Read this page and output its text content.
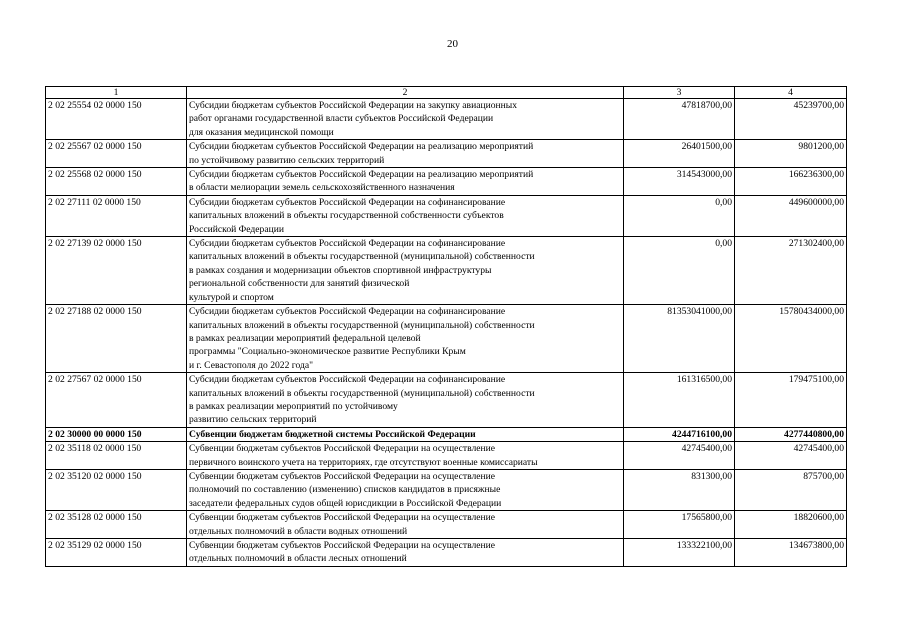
20
1	2	3	4
2 02 25554 02 0000 150	Субсидии бюджетам субъектов Российской Федерации на закупку авиационных
работ органами государственной власти субъектов Российской Федерации
для оказания медицинской помощи	47818700,00	45239700,00
2 02 25567 02 0000 150	Субсидии бюджетам субъектов Российской Федерации на реализацию мероприятий
по устойчивому развитию сельских территорий	26401500,00	9801200,00
2 02 25568 02 0000 150	Субсидии бюджетам субъектов Российской Федерации на реализацию мероприятий
в области мелиорации земель сельскохозяйственного назначения	314543000,00	166236300,00
2 02 27111 02 0000 150	Субсидии бюджетам субъектов Российской Федерации на софинансирование
капитальных вложений в объекты государственной собственности субъектов
Российской Федерации	0,00	449600000,00
2 02 27139 02 0000 150	Субсидии бюджетам субъектов Российской Федерации на софинансирование
капитальных вложений в объекты государственной (муниципальной) собственности
в рамках создания и модернизации объектов спортивной инфраструктуры
региональной собственности для занятий физической
культурой и спортом	0,00	271302400,00
2 02 27188 02 0000 150	Субсидии бюджетам субъектов Российской Федерации на софинансирование
капитальных вложений в объекты государственной (муниципальной) собственности
в рамках реализации мероприятий федеральной целевой
программы "Социально-экономическое развитие Республики Крым
и г. Севастополя до 2022 года"	81353041000,00	15780434000,00
2 02 27567 02 0000 150	Субсидии бюджетам субъектов Российской Федерации на софинансирование
капитальных вложений в объекты государственной (муниципальной) собственности
в рамках реализации мероприятий по устойчивому
развитию сельских территорий	161316500,00	179475100,00
2 02 30000 00 0000 150	Субвенции бюджетам бюджетной системы Российской Федерации	4244716100,00	4277440800,00
2 02 35118 02 0000 150	Субвенции бюджетам субъектов Российской Федерации на осуществление
первичного воинского учета на территориях, где отсутствуют военные комиссариаты	42745400,00	42745400,00
2 02 35120 02 0000 150	Субвенции бюджетам субъектов Российской Федерации на осуществление
полномочий по составлению (изменению) списков кандидатов в присяжные
заседатели федеральных судов общей юрисдикции в Российской Федерации	831300,00	875700,00
2 02 35128 02 0000 150	Субвенции бюджетам субъектов Российской Федерации на осуществление
отдельных полномочий в области водных отношений	17565800,00	18820600,00
2 02 35129 02 0000 150	Субвенции бюджетам субъектов Российской Федерации на осуществление
отдельных полномочий в области лесных отношений	133322100,00	134673800,00
